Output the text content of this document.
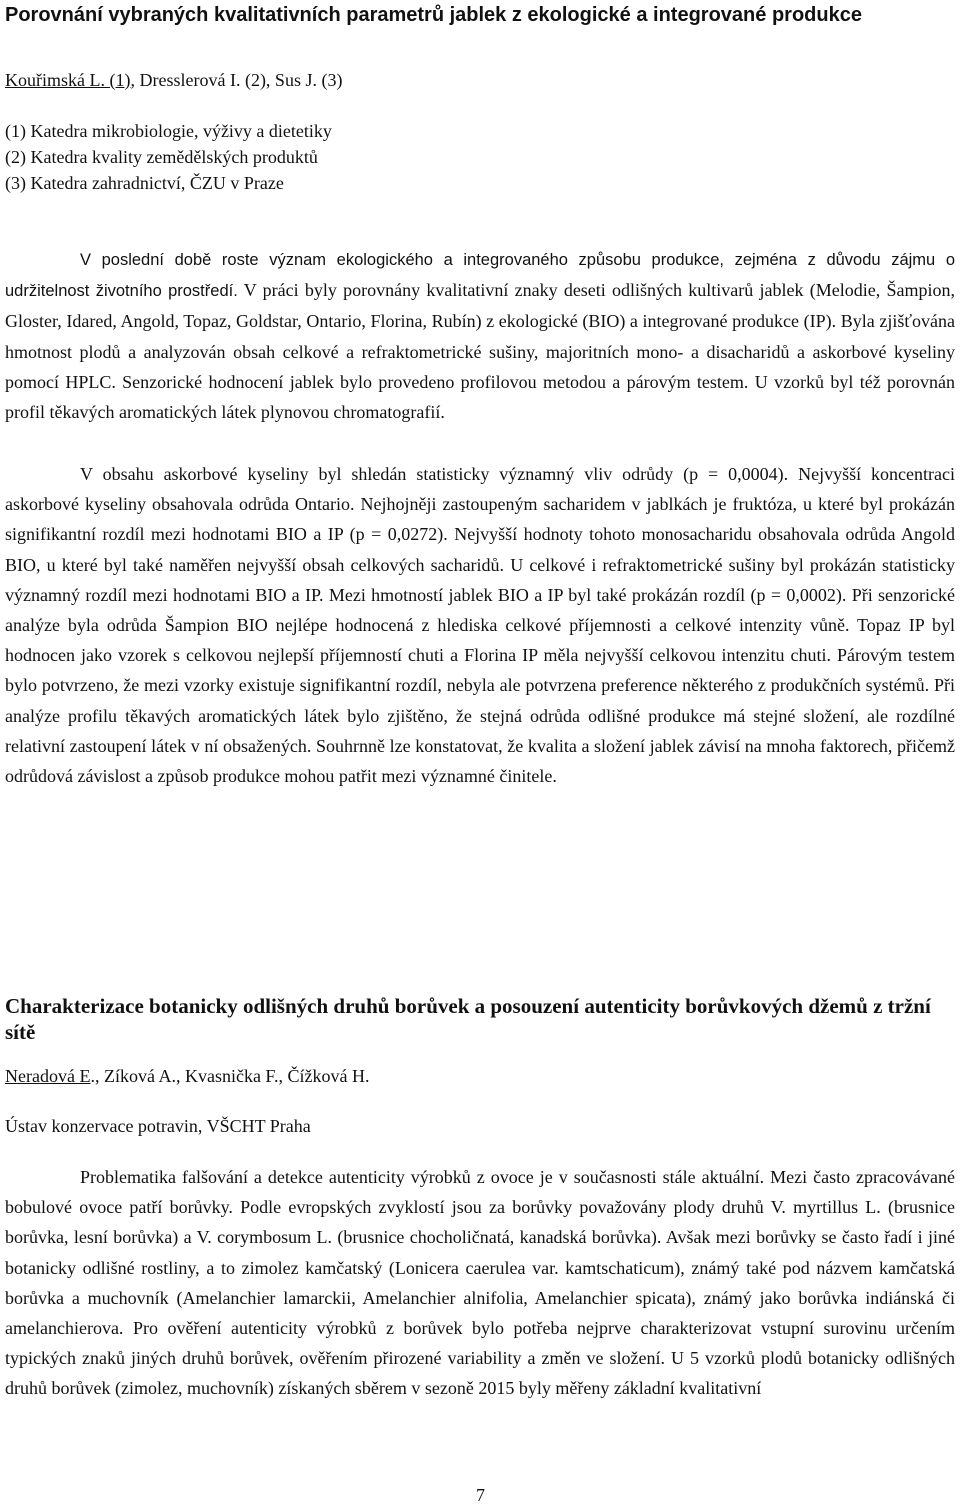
Porovnání vybraných kvalitativních parametrů jablek z ekologické a integrované produkce
Kouřimská L. (1), Dresslerová I. (2), Sus J. (3)
(1) Katedra mikrobiologie, výživy a dietetiky
(2) Katedra kvality zemědělských produktů
(3) Katedra zahradnictví, ČZU v Praze

V poslední době roste význam ekologického a integrovaného způsobu produkce, zejména z důvodu zájmu o udržitelnost životního prostředí. V práci byly porovnány kvalitativní znaky deseti odlišných kultivarů jablek (Melodie, Šampion, Gloster, Idared, Angold, Topaz, Goldstar, Ontario, Florina, Rubín) z ekologické (BIO) a integrované produkce (IP). Byla zjišťována hmotnost plodů a analyzován obsah celkové a refraktometrické sušiny, majoritních mono- a disacharidů a askorbové kyseliny pomocí HPLC. Senzorické hodnocení jablek bylo provedeno profilovou metodou a párovým testem. U vzorků byl též porovnán profil těkavých aromatických látek plynovou chromatografií.

V obsahu askorbové kyseliny byl shledán statisticky významný vliv odrůdy (p = 0,0004). Nejvyšší koncentraci askorbové kyseliny obsahovala odrůda Ontario. Nejhojněji zastoupeným sacharidem v jablkách je fruktóza, u které byl prokázán signifikantní rozdíl mezi hodnotami BIO a IP (p = 0,0272). Nejvyšší hodnoty tohoto monosacharidu obsahovala odrůda Angold BIO, u které byl také naměřen nejvyšší obsah celkových sacharidů. U celkové i refraktometrické sušiny byl prokázán statisticky významný rozdíl mezi hodnotami BIO a IP. Mezi hmotností jablek BIO a IP byl také prokázán rozdíl (p = 0,0002). Při senzorické analýze byla odrůda Šampion BIO nejlépe hodnocená z hlediska celkové příjemnosti a celkové intenzity vůně. Topaz IP byl hodnocen jako vzorek s celkovou nejlepší příjemností chuti a Florina IP měla nejvyšší celkovou intenzitu chuti. Párovým testem bylo potvrzeno, že mezi vzorky existuje signifikantní rozdíl, nebyla ale potvrzena preference některého z produkčních systémů. Při analýze profilu těkavých aromatických látek bylo zjištěno, že stejná odrůda odlišné produkce má stejné složení, ale rozdílné relativní zastoupení látek v ní obsažených. Souhrnně lze konstatovat, že kvalita a složení jablek závisí na mnoha faktorech, přičemž odrůdová závislost a způsob produkce mohou patřit mezi významné činitele.

Charakterizace botanicky odlišných druhů borůvek a posouzení autenticity borůvkových džemů z tržní sítě
Neradová E., Zíková A., Kvasnička F., Čížková H.
Ústav konzervace potravin, VŠCHT Praha

Problematika falšování a detekce autenticity výrobků z ovoce je v současnosti stále aktuální. Mezi často zpracovávané bobulové ovoce patří borůvky. Podle evropských zvyklostí jsou za borůvky považovány plody druhů V. myrtillus L. (brusnice borůvka, lesní borůvka) a V. corymbosum L. (brusnice chocholičnatá, kanadská borůvka). Avšak mezi borůvky se často řadí i jiné botanicky odlišné rostliny, a to zimolez kamčatský (Lonicera caerulea var. kamtschaticum), známý také pod názvem kamčatská borůvka a muchovník (Amelanchier lamarckii, Amelanchier alnifolia, Amelanchier spicata), známý jako borůvka indiánská či amelanchierova. Pro ověření autenticity výrobků z borůvek bylo potřeba nejprve charakterizovat vstupní surovinu určením typických znaků jiných druhů borůvek, ověřením přirozené variability a změn ve složení. U 5 vzorků plodů botanicky odlišných druhů borůvek (zimolez, muchovník) získaných sběrem v sezoně 2015 byly měřeny základní kvalitativní

7
